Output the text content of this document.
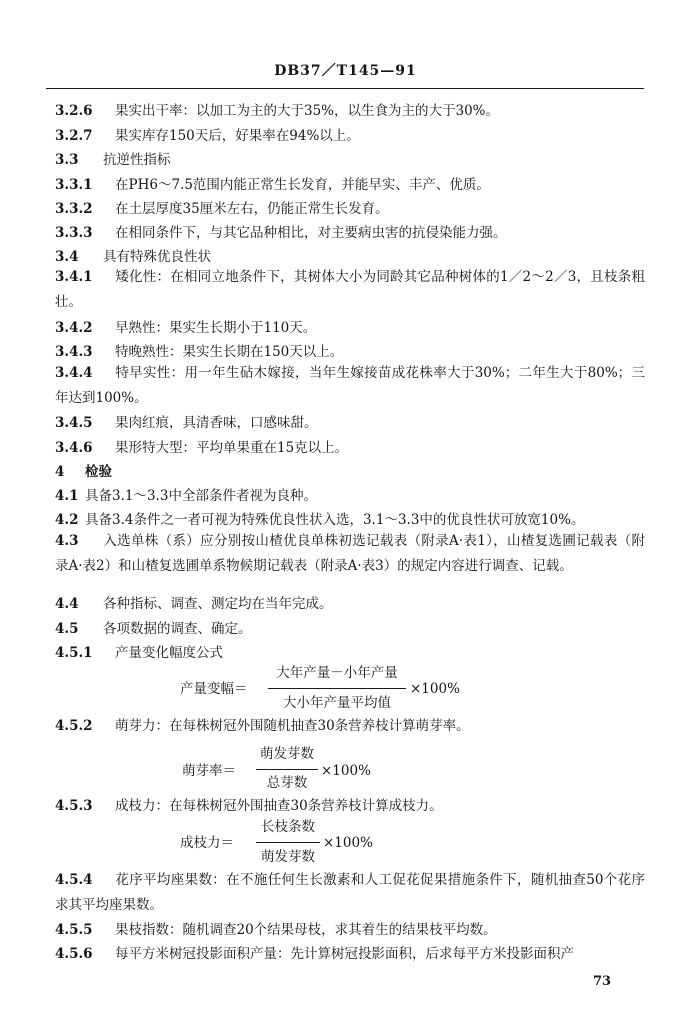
DB37／T145—91
3.2.6 果实出干率：以加工为主的大于35%，以生食为主的大于30%。
3.2.7 果实库存150天后，好果率在94%以上。
3.3 抗逆性指标
3.3.1 在PH6～7.5范围内能正常生长发育，并能早实、丰产、优质。
3.3.2 在土层厚度35厘米左右，仍能正常生长发育。
3.3.3 在相同条件下，与其它品种相比，对主要病虫害的抗侵染能力强。
3.4 具有特殊优良性状
3.4.1 矮化性：在相同立地条件下，其树体大小为同龄其它品种树体的1／2～2／3，且枝条粗壮。
3.4.2 早熟性：果实生长期小于110天。
3.4.3 特晚熟性：果实生长期在150天以上。
3.4.4 特早实性：用一年生砧木嫁接，当年生嫁接苗成花株率大于30%；二年生大于80%；三年达到100%。
3.4.5 果肉红痕，具清香味，口感味甜。
3.4.6 果形特大型：平均单果重在15克以上。
4 检验
4.1 具备3.1～3.3中全部条件者视为良种。
4.2 具备3.4条件之一者可视为特殊优良性状入选，3.1～3.3中的优良性状可放宽10%。
4.3 入选单株（系）应分别按山楂优良单株初选记载表（附录A·表1），山楂复选圃记载表（附录A·表2）和山楂复选圃单系物候期记载表（附录A·表3）的规定内容进行调查、记载。
4.4 各种指标、调查、测定均在当年完成。
4.5 各项数据的调查、确定。
4.5.1 产量变化幅度公式
产量变幅＝
大年产量－小年产量
大小年产量平均值
×100%
4.5.2 萌芽力：在每株树冠外围随机抽查30条营养枝计算萌芽率。
萌芽率＝
萌发芽数
总芽数
×100%
4.5.3 成枝力：在每株树冠外围抽查30条营养枝计算成枝力。
成枝力＝
长枝条数
萌发芽数
×100%
4.5.4 花序平均座果数：在不施任何生长激素和人工促花促果措施条件下，随机抽查50个花序求其平均座果数。
4.5.5 果枝指数：随机调查20个结果母枝，求其着生的结果枝平均数。
4.5.6 每平方米树冠投影面积产量：先计算树冠投影面积，后求每平方米投影面积产
73
